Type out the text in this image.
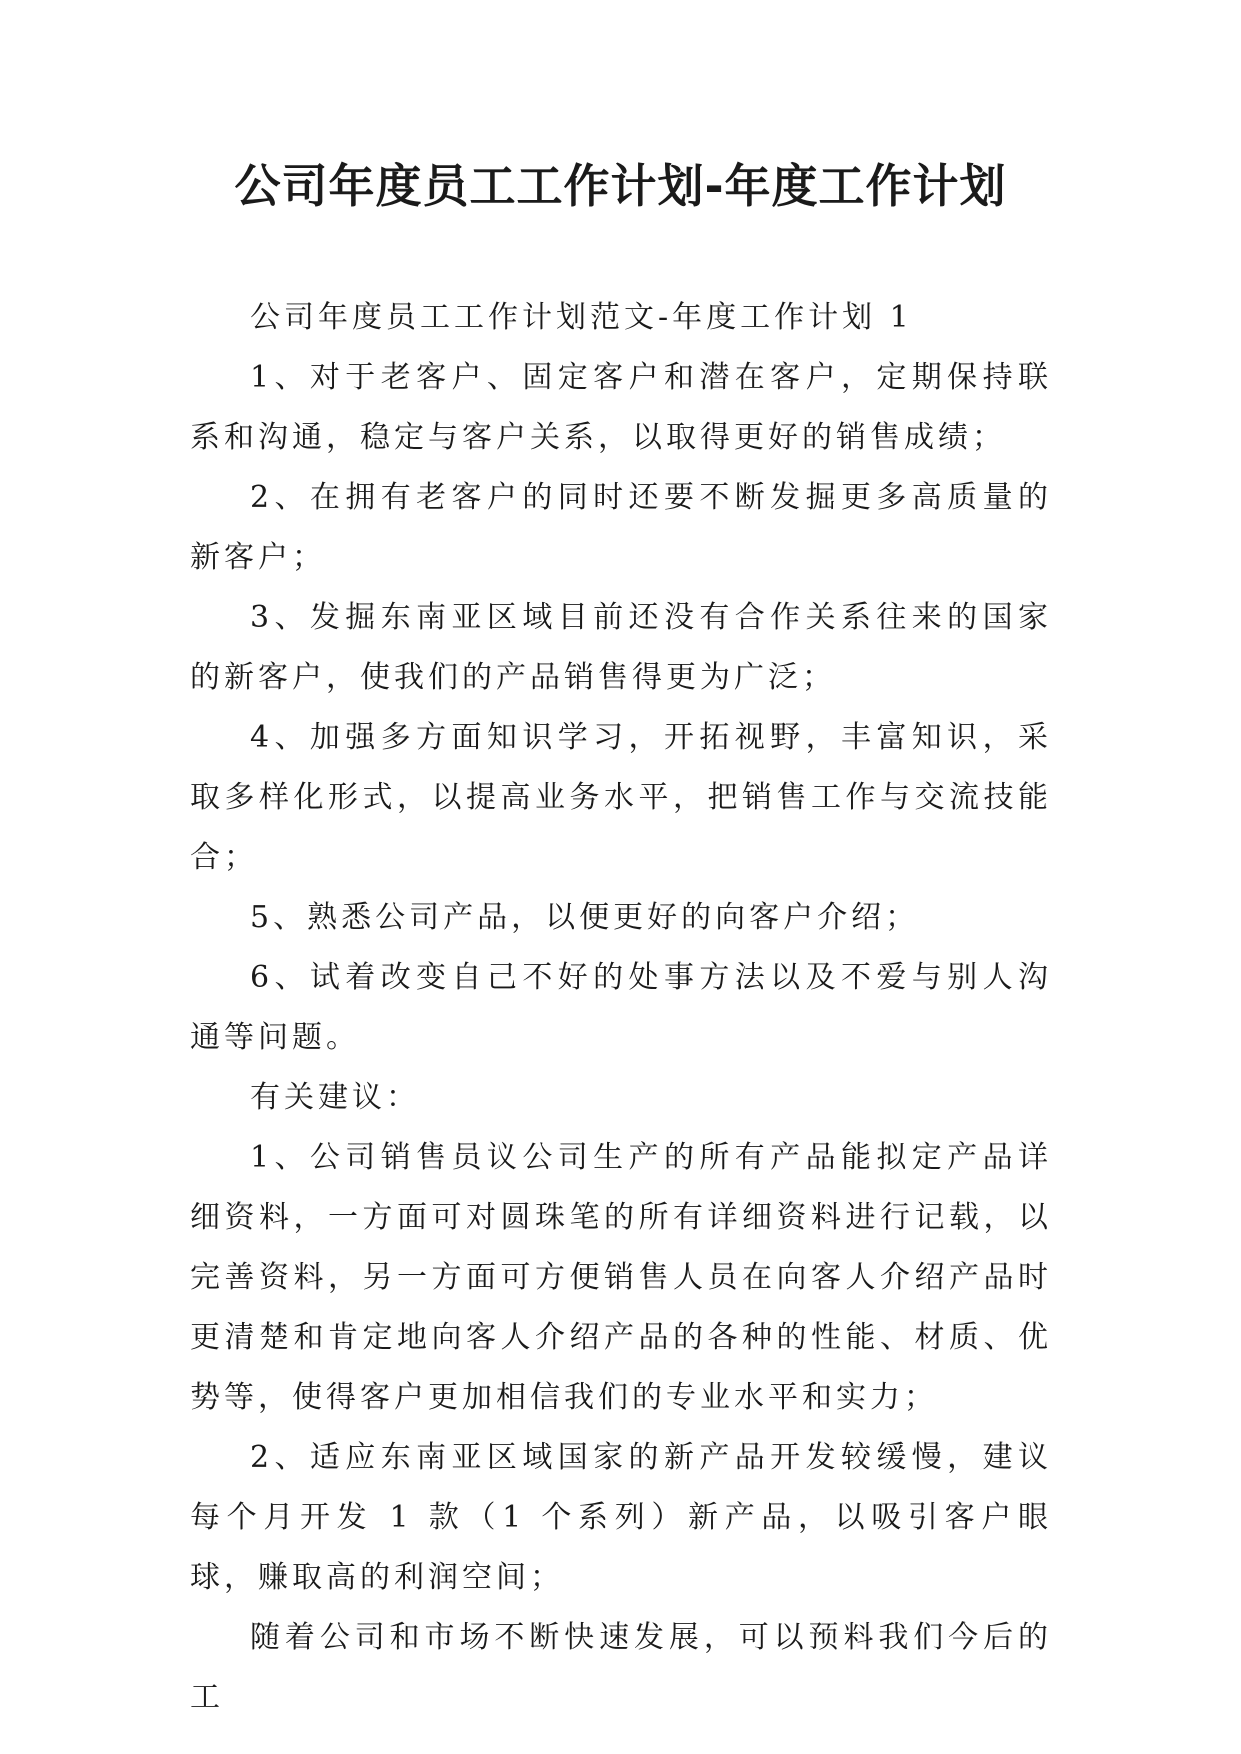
公司年度员工工作计划-年度工作计划

公司年度员工工作计划范文-年度工作计划 1

1、对于老客户、固定客户和潜在客户，定期保持联系和沟通，稳定与客户关系，以取得更好的销售成绩；

2、在拥有老客户的同时还要不断发掘更多高质量的新客户；

3、发掘东南亚区域目前还没有合作关系往来的国家的新客户，使我们的产品销售得更为广泛；

4、加强多方面知识学习，开拓视野，丰富知识，采取多样化形式，以提高业务水平，把销售工作与交流技能合；

5、熟悉公司产品，以便更好的向客户介绍；

6、试着改变自己不好的处事方法以及不爱与别人沟通等问题。

有关建议：

1、公司销售员议公司生产的所有产品能拟定产品详细资料，一方面可对圆珠笔的所有详细资料进行记载，以完善资料，另一方面可方便销售人员在向客人介绍产品时更清楚和肯定地向客人介绍产品的各种的性能、材质、优势等，使得客户更加相信我们的专业水平和实力；

2、适应东南亚区域国家的新产品开发较缓慢，建议每个月开发 1 款（1 个系列）新产品，以吸引客户眼球，赚取高的利润空间；

随着公司和市场不断快速发展，可以预料我们今后的工
